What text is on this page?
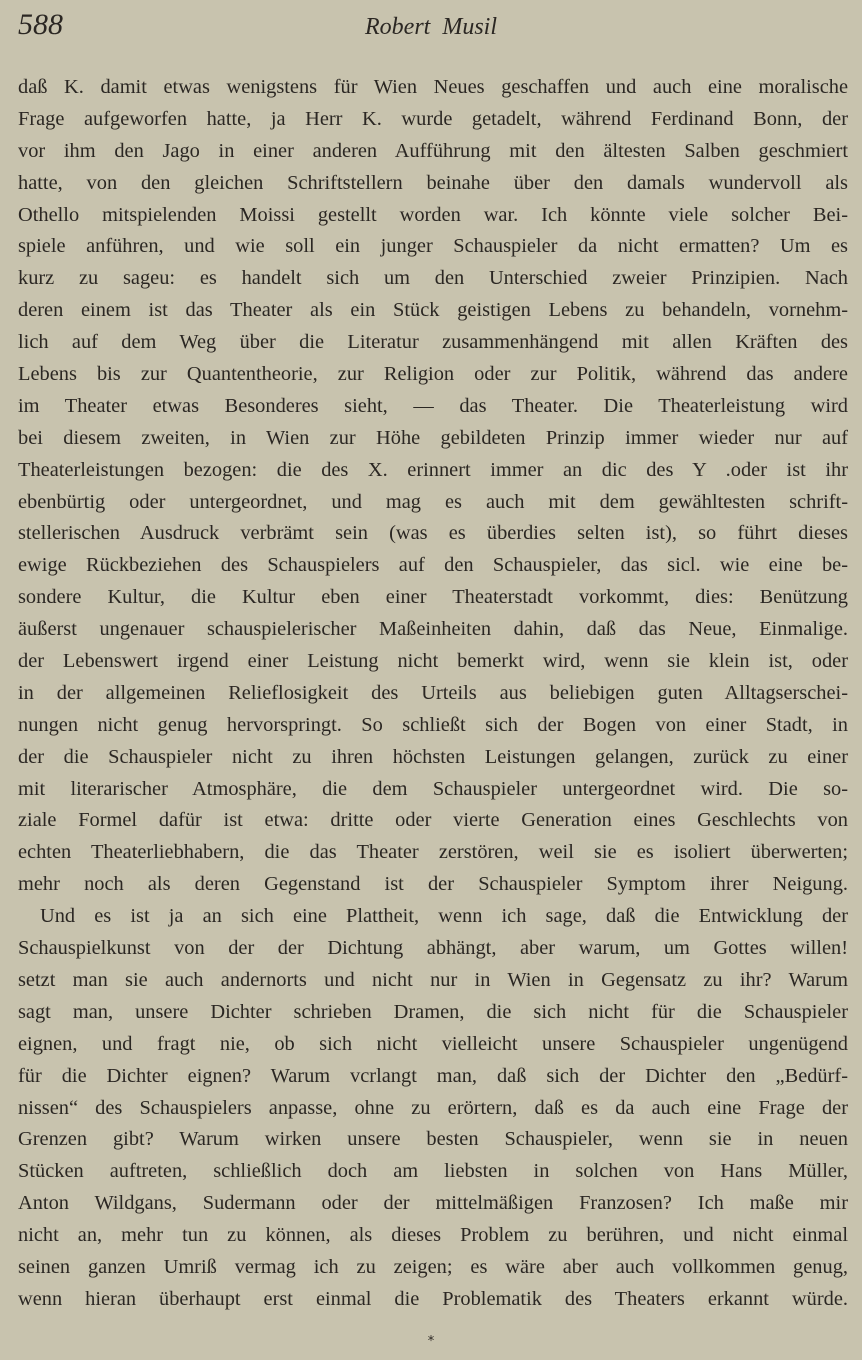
588	Robert  Musil
daß K. damit etwas wenigstens für Wien Neues geschaffen und auch eine moralische
Frage aufgeworfen hatte, ja Herr K. wurde getadelt, während Ferdinand Bonn, der
vor ihm den Jago in einer anderen Aufführung mit den ältesten Salben geschmiert
hatte, von den gleichen Schriftstellern beinahe über den damals wundervoll als
Othello mitspielenden Moissi gestellt worden war. Ich könnte viele solcher Bei-
spiele anführen, und wie soll ein junger Schauspieler da nicht ermatten? Um es
kurz zu sageu: es handelt sich um den Unterschied zweier Prinzipien. Nach
deren einem ist das Theater als ein Stück geistigen Lebens zu behandeln, vornehm-
lich auf dem Weg über die Literatur zusammenhängend mit allen Kräften des
Lebens bis zur Quantentheorie, zur Religion oder zur Politik, während das andere
im Theater etwas Besonderes sieht, — das Theater. Die Theaterleistung wird
bei diesem zweiten, in Wien zur Höhe gebildeten Prinzip immer wieder nur auf
Theaterleistungen bezogen: die des X. erinnert immer an dic des Y .oder ist ihr
ebenbürtig oder untergeordnet, und mag es auch mit dem gewähltesten schrift-
stellerischen Ausdruck verbrämt sein (was es überdies selten ist), so führt dieses
ewige Rückbeziehen des Schauspielers auf den Schauspieler, das sicl. wie eine be-
sondere Kultur, die Kultur eben einer Theaterstadt vorkommt, dies: Benützung
äußerst ungenauer schauspielerischer Maßeinheiten dahin, daß das Neue, Einmalige.
der Lebenswert irgend einer Leistung nicht bemerkt wird, wenn sie klein ist, oder
in der allgemeinen Relieflosigkeit des Urteils aus beliebigen guten Alltagserschei-
nungen nicht genug hervorspringt. So schließt sich der Bogen von einer Stadt, in
der die Schauspieler nicht zu ihren höchsten Leistungen gelangen, zurück zu einer
mit literarischer Atmosphäre, die dem Schauspieler untergeordnet wird. Die so-
ziale Formel dafür ist etwa: dritte oder vierte Generation eines Geschlechts von
echten Theaterliebhabern, die das Theater zerstören, weil sie es isoliert überwerten;
mehr noch als deren Gegenstand ist der Schauspieler Symptom ihrer Neigung.
Und es ist ja an sich eine Plattheit, wenn ich sage, daß die Entwicklung der
Schauspielkunst von der der Dichtung abhängt, aber warum, um Gottes willen!
setzt man sie auch andernorts und nicht nur in Wien in Gegensatz zu ihr? Warum
sagt man, unsere Dichter schrieben Dramen, die sich nicht für die Schauspieler
eignen, und fragt nie, ob sich nicht vielleicht unsere Schauspieler ungenügend
für die Dichter eignen? Warum vcrlangt man, daß sich der Dichter den „Bedürf-
nissen“ des Schauspielers anpasse, ohne zu erörtern, daß es da auch eine Frage der
Grenzen gibt? Warum wirken unsere besten Schauspieler, wenn sie in neuen
Stücken auftreten, schließlich doch am liebsten in solchen von Hans Müller,
Anton Wildgans, Sudermann oder der mittelmäßigen Franzosen? Ich maße mir
nicht an, mehr tun zu können, als dieses Problem zu berühren, und nicht einmal
seinen ganzen Umriß vermag ich zu zeigen; es wäre aber auch vollkommen genug,
wenn hieran überhaupt erst einmal die Problematik des Theaters erkannt würde.
*
